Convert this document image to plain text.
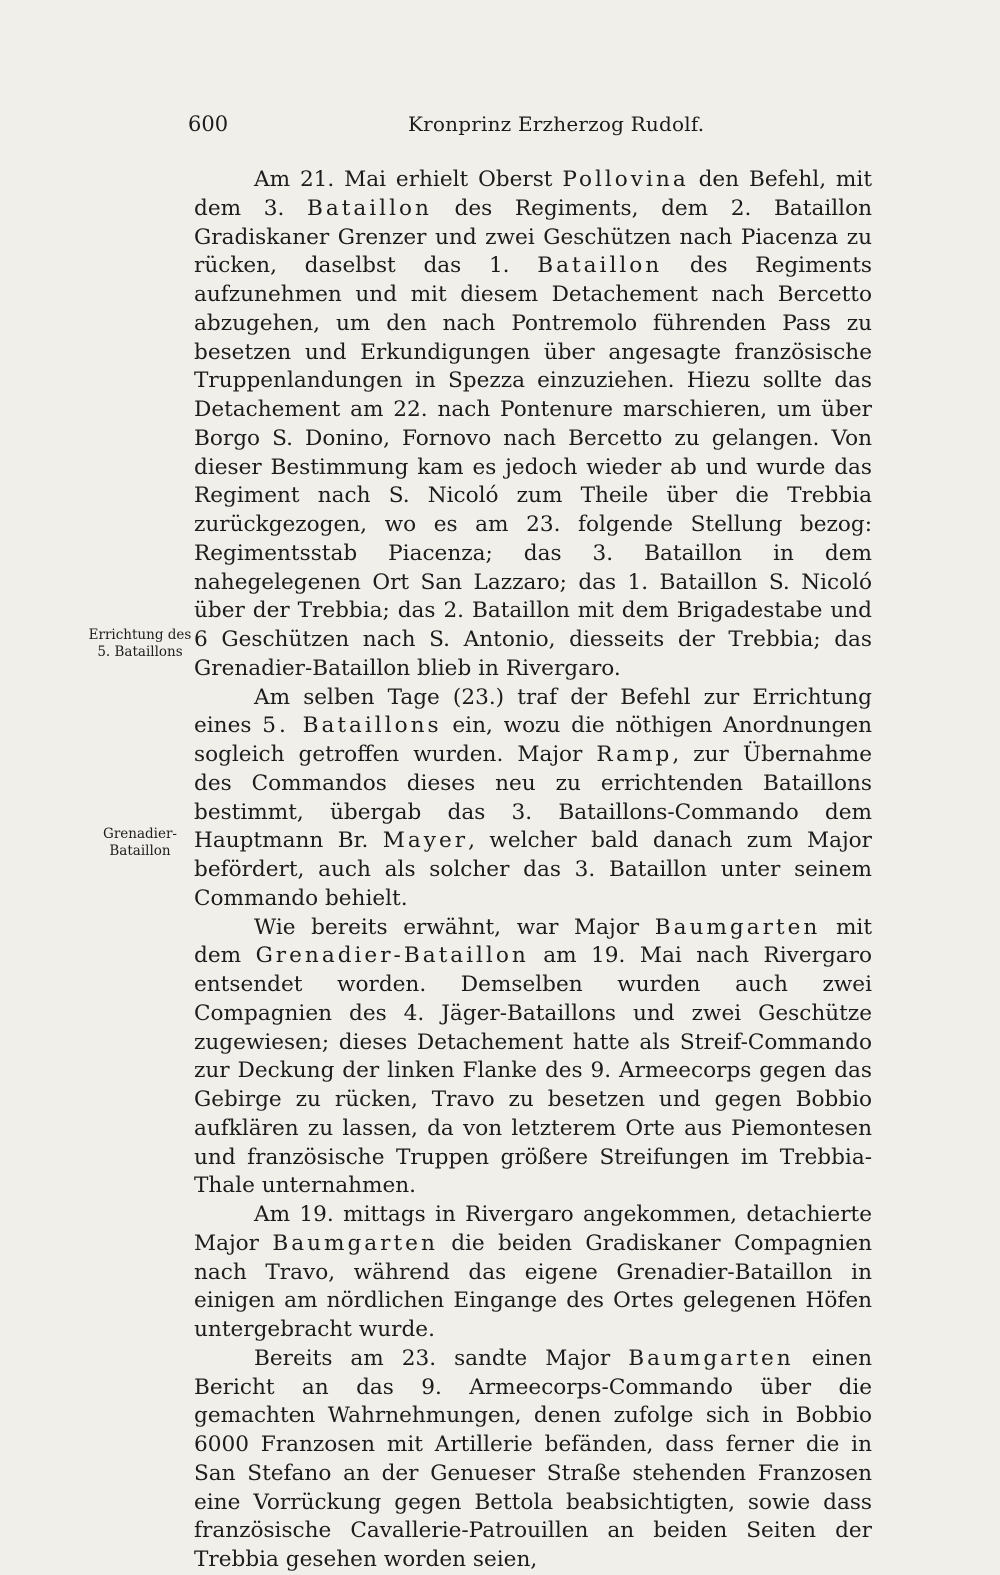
600	Kronprinz Erzherzog Rudolf.
Errichtung des
5. Bataillons
Grenadier-
Bataillon

Am 21. Mai erhielt Oberst Pollovina den Befehl, mit dem 3. Bataillon des Regiments, dem 2. Bataillon Gradiskaner Grenzer und zwei Geschützen nach Piacenza zu rücken, daselbst das 1. Bataillon des Regiments aufzunehmen und mit diesem Detachement nach Bercetto abzugehen, um den nach Pontremolo führenden Pass zu besetzen und Erkundigungen über angesagte französische Truppenlandungen in Spezza einzuziehen. Hiezu sollte das Detachement am 22. nach Pontenure marschieren, um über Borgo S. Donino, Fornovo nach Bercetto zu gelangen. Von dieser Bestimmung kam es jedoch wieder ab und wurde das Regiment nach S. Nicoló zum Theile über die Trebbia zurückgezogen, wo es am 23. folgende Stellung bezog: Regimentsstab Piacenza; das 3. Bataillon in dem nahegelegenen Ort San Lazzaro; das 1. Bataillon S. Nicoló über der Trebbia; das 2. Bataillon mit dem Brigadestabe und 6 Geschützen nach S. Antonio, diesseits der Trebbia; das Grenadier-Bataillon blieb in Rivergaro.

Am selben Tage (23.) traf der Befehl zur Errichtung eines 5. Bataillons ein, wozu die nöthigen Anordnungen sogleich getroffen wurden. Major Ramp, zur Übernahme des Commandos dieses neu zu errichtenden Bataillons bestimmt, übergab das 3. Bataillons-Commando dem Hauptmann Br. Mayer, welcher bald danach zum Major befördert, auch als solcher das 3. Bataillon unter seinem Commando behielt.

Wie bereits erwähnt, war Major Baumgarten mit dem Grenadier-Bataillon am 19. Mai nach Rivergaro entsendet worden. Demselben wurden auch zwei Compagnien des 4. Jäger-Bataillons und zwei Geschütze zugewiesen; dieses Detachement hatte als Streif-Commando zur Deckung der linken Flanke des 9. Armeecorps gegen das Gebirge zu rücken, Travo zu besetzen und gegen Bobbio aufklären zu lassen, da von letzterem Orte aus Piemontesen und französische Truppen größere Streifungen im Trebbia-Thale unternahmen.

Am 19. mittags in Rivergaro angekommen, detachierte Major Baumgarten die beiden Gradiskaner Compagnien nach Travo, während das eigene Grenadier-Bataillon in einigen am nördlichen Eingange des Ortes gelegenen Höfen untergebracht wurde.

Bereits am 23. sandte Major Baumgarten einen Bericht an das 9. Armeecorps-Commando über die gemachten Wahrnehmungen, denen zufolge sich in Bobbio 6000 Franzosen mit Artillerie befänden, dass ferner die in San Stefano an der Genueser Straße stehenden Franzosen eine Vorrückung gegen Bettola beabsichtigten, sowie dass französische Cavallerie-Patrouillen an beiden Seiten der Trebbia gesehen worden seien,
